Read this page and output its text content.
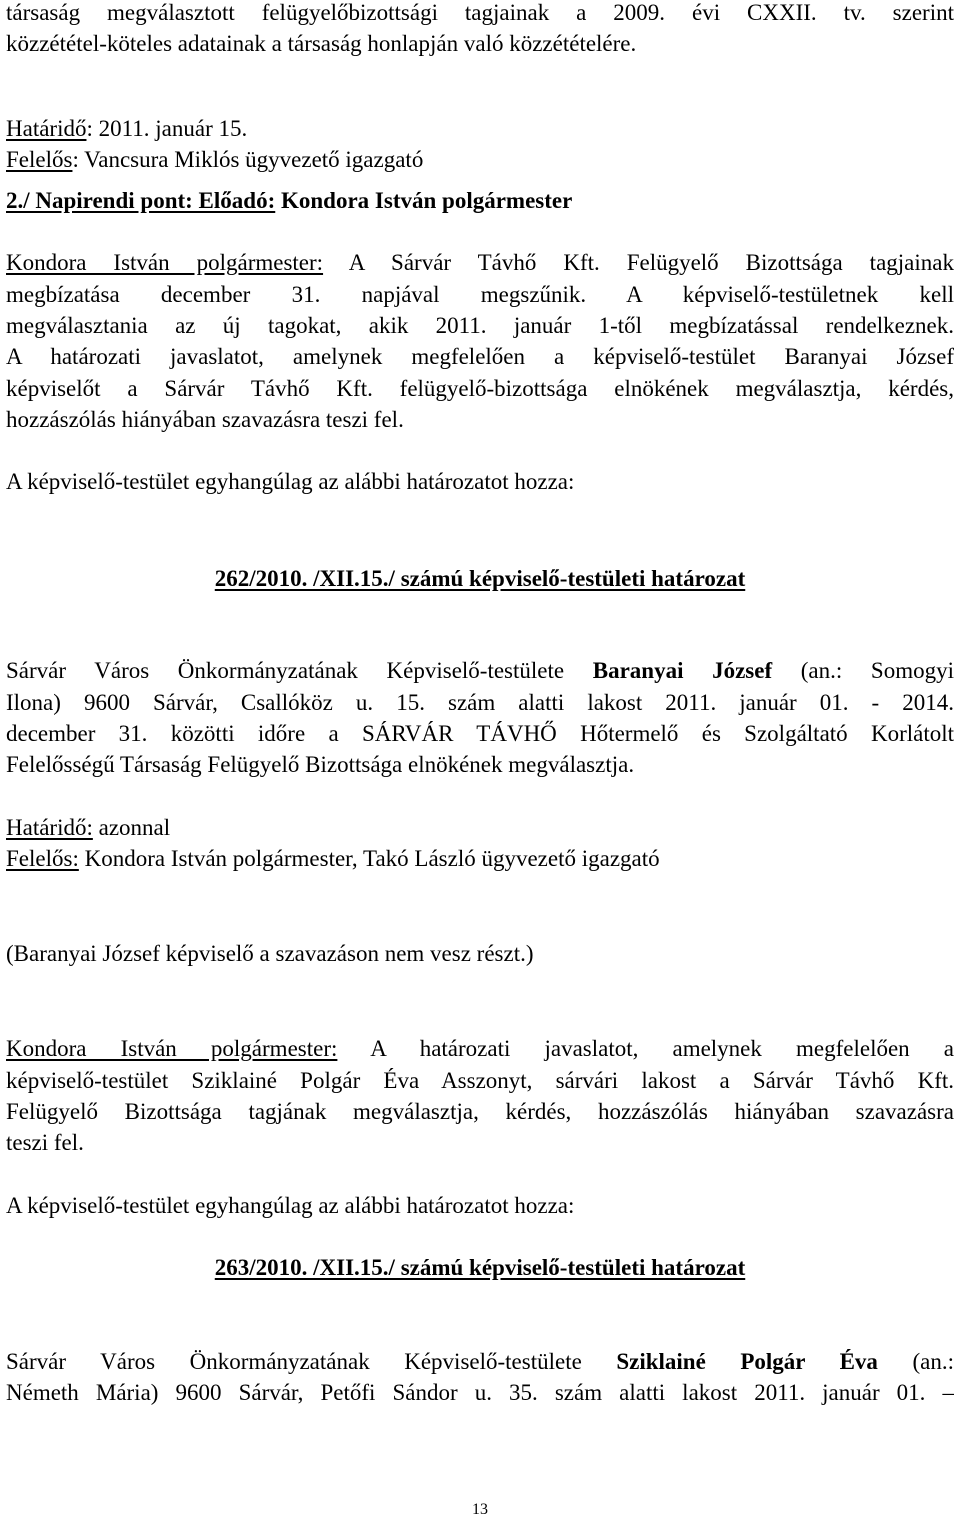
társaság megválasztott felügyelőbizottsági tagjainak a 2009. évi CXXII. tv. szerint
közzététel-köteles adatainak a társaság honlapján való közzétételére.
Határidő: 2011. január 15.
Felelős: Vancsura Miklós ügyvezető igazgató
2./ Napirendi pont: Előadó: Kondora István polgármester
Kondora István polgármester: A Sárvár Távhő Kft. Felügyelő Bizottsága tagjainak
megbízatása december 31. napjával megszűnik. A képviselő-testületnek kell
megválasztania az új tagokat, akik 2011. január 1-től megbízatással rendelkeznek.
A határozati javaslatot, amelynek megfelelően a képviselő-testület Baranyai József
képviselőt a Sárvár Távhő Kft. felügyelő-bizottsága elnökének megválasztja, kérdés,
hozzászólás hiányában szavazásra teszi fel.
A képviselő-testület egyhangúlag az alábbi határozatot hozza:
262/2010. /XII.15./ számú képviselő-testületi határozat
Sárvár Város Önkormányzatának Képviselő-testülete Baranyai József (an.: Somogyi
Ilona) 9600 Sárvár, Csallóköz u. 15. szám alatti lakost 2011. január 01. - 2014.
december 31. közötti időre a SÁRVÁR TÁVHŐ Hőtermelő és Szolgáltató Korlátolt
Felelősségű Társaság Felügyelő Bizottsága elnökének megválasztja.
Határidő: azonnal
Felelős: Kondora István polgármester, Takó László ügyvezető igazgató
(Baranyai József képviselő a szavazáson nem vesz részt.)
Kondora István polgármester: A határozati javaslatot, amelynek megfelelően a
képviselő-testület Sziklainé Polgár Éva Asszonyt, sárvári lakost a Sárvár Távhő Kft.
Felügyelő Bizottsága tagjának megválasztja, kérdés, hozzászólás hiányában szavazásra
teszi fel.
A képviselő-testület egyhangúlag az alábbi határozatot hozza:
263/2010. /XII.15./ számú képviselő-testületi határozat
Sárvár Város Önkormányzatának Képviselő-testülete Sziklainé Polgár Éva (an.:
Németh Mária) 9600 Sárvár, Petőfi Sándor u. 35. szám alatti lakost 2011. január 01. –
13
